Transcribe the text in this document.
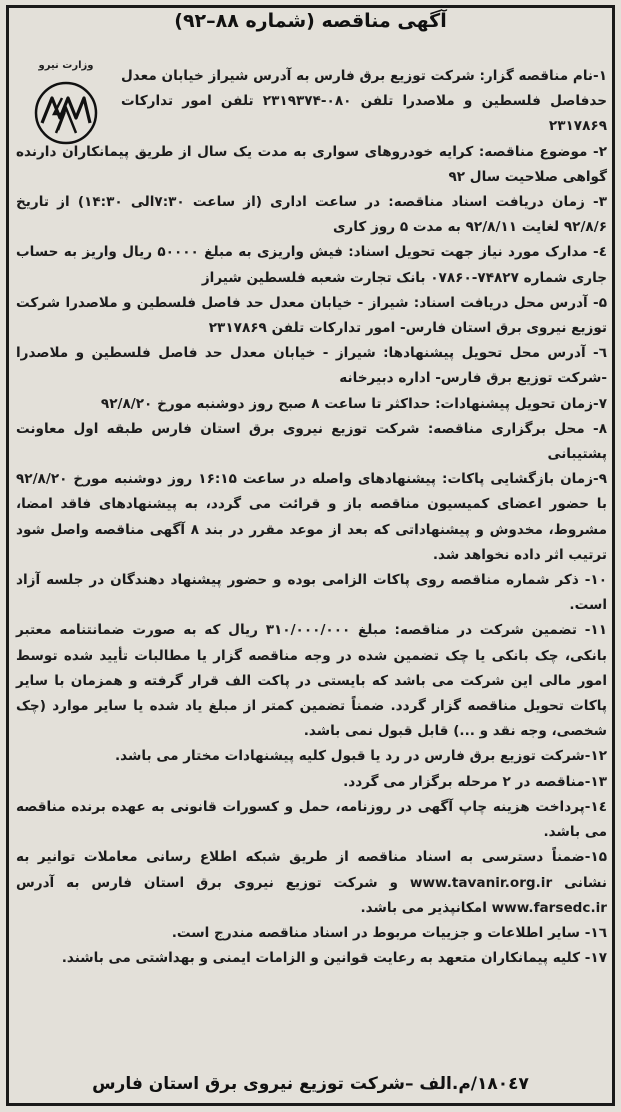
آگهی مناقصه (شماره ۸۸–۹۲)
وزارت نیرو

۱-نام مناقصه گزار: شرکت توزیع برق فارس به آدرس شیراز خیابان معدل حدفاصل فلسطین و ملاصدرا تلفن ۰۸۰-۲۳۱۹۳۷۴ تلفن امور تدارکات ۲۳۱۷۸۶۹

۲- موضوع مناقصه: کرایه خودروهای سواری به مدت یک سال از طریق پیمانکاران دارنده گواهی صلاحیت سال ۹۲

۳- زمان دریافت اسناد مناقصه: در ساعت اداری (از ساعت ۷:۳۰الی ۱۴:۳۰) از تاریخ ۹۲/۸/۶ لغایت ۹۲/۸/۱۱ به مدت ۵ روز کاری

٤- مدارک مورد نیاز جهت تحویل اسناد: فیش واریزی به مبلغ ۵۰۰۰۰ ریال واریز به حساب جاری شماره ۷۴۸۲۷-۰۷۸۶۰ بانک تجارت شعبه فلسطین شیراز

۵- آدرس محل دریافت اسناد: شیراز - خیابان معدل حد فاصل فلسطین و ملاصدرا شرکت توزیع نیروی برق استان فارس- امور تدارکات تلفن ۲۳۱۷۸۶۹

٦- آدرس محل تحویل پیشنهادها: شیراز - خیابان معدل حد فاصل فلسطین و ملاصدرا -شرکت توزیع برق فارس- اداره دبیرخانه

۷-زمان تحویل پیشنهادات: حداکثر تا ساعت ۸ صبح روز دوشنبه مورخ ۹۲/۸/۲۰

۸- محل برگزاری مناقصه: شرکت توزیع نیروی برق استان فارس طبقه اول معاونت پشتیبانی

۹-زمان بازگشایی پاکات: پیشنهادهای واصله در ساعت ۱۶:۱۵ روز دوشنبه مورخ ۹۲/۸/۲۰ با حضور اعضای کمیسیون مناقصه باز و قرائت می گردد، به پیشنهادهای فاقد امضا، مشروط، مخدوش و پیشنهاداتی که بعد از موعد مقرر در بند ۸ آگهی مناقصه واصل شود ترتیب اثر داده نخواهد شد.

۱۰- ذکر شماره مناقصه روی پاکات الزامی بوده و حضور پیشنهاد دهندگان در جلسه آزاد است.

۱۱- تضمین شرکت در مناقصه: مبلغ ۳۱۰/۰۰۰/۰۰۰ ریال که به صورت ضمانتنامه معتبر بانکی، چک بانکی یا چک تضمین شده در وجه مناقصه گزار یا مطالبات تأیید شده توسط امور مالی این شرکت می باشد که بایستی در پاکت الف قرار گرفته و همزمان با سایر پاکات تحویل مناقصه گزار گردد. ضمناً تضمین کمتر از مبلغ یاد شده یا سایر موارد (چک شخصی، وجه نقد و ...) قابل قبول نمی باشد.

۱۲-شرکت توزیع برق فارس در رد یا قبول کلیه پیشنهادات مختار می باشد.

۱۳-مناقصه در ۲ مرحله برگزار می گردد.

۱٤-پرداخت هزینه چاپ آگهی در روزنامه، حمل و کسورات قانونی به عهده برنده مناقصه می باشد.

۱۵-ضمناً دسترسی به اسناد مناقصه از طریق شبکه اطلاع رسانی معاملات توانیر به نشانی www.tavanir.org.ir و شرکت توزیع نیروی برق استان فارس به آدرس www.farsedc.ir امکانپذیر می باشد.

۱٦- سایر اطلاعات و جزییات مربوط در اسناد مناقصه مندرج است.

۱۷- کلیه پیمانکاران متعهد به رعایت قوانین و الزامات ایمنی و بهداشتی می باشند.

۱۸۰٤۷/م.الف –شرکت توزیع نیروی برق استان فارس
